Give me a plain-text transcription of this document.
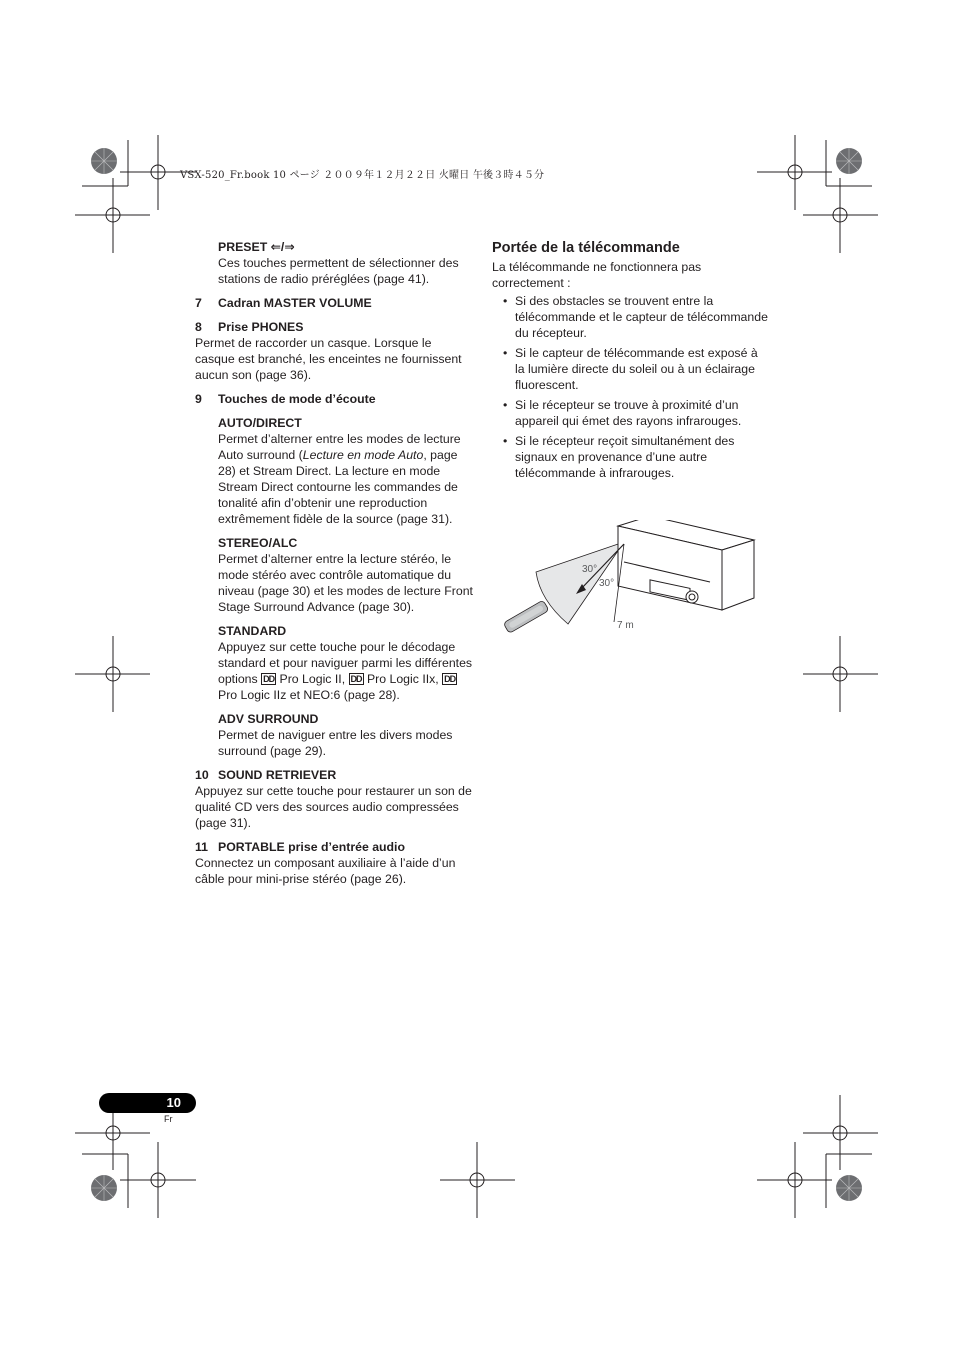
VSX-520_Fr.book 10 ページ ２００９年１２月２２日 火曜日 午後３時４５分
PRESET ⇐/⇒

Ces touches permettent de sélectionner des stations de radio préréglées (page 41).

7	Cadran MASTER VOLUME
8	Prise PHONES

Permet de raccorder un casque. Lorsque le casque est branché, les enceintes ne fournissent aucun son (page 36).

9	Touches de mode d’écoute
AUTO/DIRECT

Permet d’alterner entre les modes de lecture Auto surround (Lecture en mode Auto, page 28) et Stream Direct. La lecture en mode Stream Direct contourne les commandes de tonalité afin d’obtenir une reproduction extrêmement fidèle de la source (page 31).

STEREO/ALC

Permet d’alterner entre la lecture stéréo, le mode stéréo avec contrôle automatique du niveau (page 30) et les modes de lecture Front Stage Surround Advance (page 30).

STANDARD

Appuyez sur cette touche pour le décodage standard et pour naviguer parmi les différentes options DD Pro Logic II, DD Pro Logic IIx, DD Pro Logic IIz et NEO:6 (page 28).

ADV SURROUND

Permet de naviguer entre les divers modes surround (page 29).

10 SOUND RETRIEVER

Appuyez sur cette touche pour restaurer un son de qualité CD vers des sources audio compressées (page 31).

11 PORTABLE prise d’entrée audio

Connectez un composant auxiliaire à l’aide d’un câble pour mini-prise stéréo (page 26).

Portée de la télécommande

La télécommande ne fonctionnera pas correctement :

• Si des obstacles se trouvent entre la télécommande et le capteur de télécommande du récepteur.
• Si le capteur de télécommande est exposé à la lumière directe du soleil ou à un éclairage fluorescent.
• Si le récepteur se trouve à proximité d’un appareil qui émet des rayons infrarouges.
• Si le récepteur reçoit simultanément des signaux en provenance d’une autre télécommande à infrarouges.
30°
30°
7 m
10
Fr
